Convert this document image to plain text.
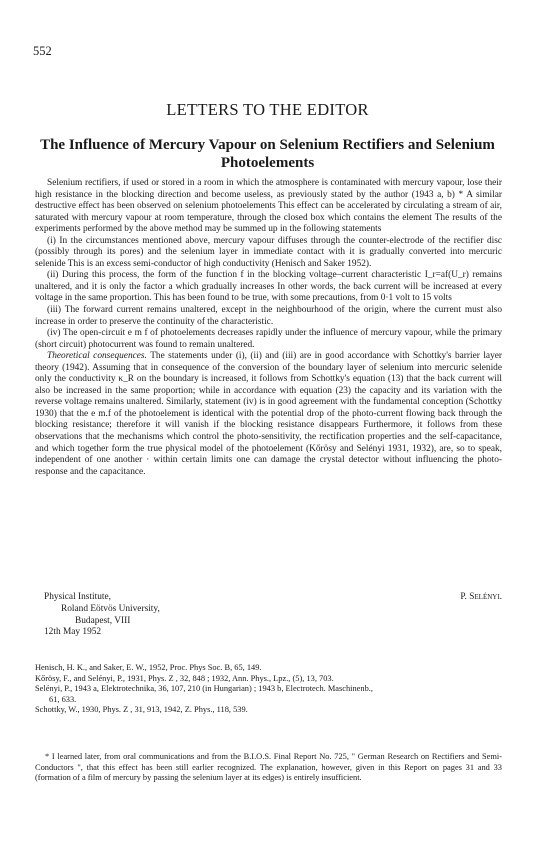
552
LETTERS TO THE EDITOR
The Influence of Mercury Vapour on Selenium Rectifiers and Selenium Photoelements

Selenium rectifiers, if used or stored in a room in which the atmosphere is contaminated with mercury vapour, lose their high resistance in the blocking direction and become useless, as previously stated by the author (1943 a, b) * A similar destructive effect has been observed on selenium photoelements This effect can be accelerated by circulating a stream of air, saturated with mercury vapour at room temperature, through the closed box which contains the element The results of the experiments performed by the above method may be summed up in the following statements

(i) In the circumstances mentioned above, mercury vapour diffuses through the counter-electrode of the rectifier disc (possibly through its pores) and the selenium layer in immediate contact with it is gradually converted into mercuric selenide This is an excess semi-conductor of high conductivity (Henisch and Saker 1952).

(ii) During this process, the form of the function f in the blocking voltage–current characteristic I_r=af(U_r) remains unaltered, and it is only the factor a which gradually increases In other words, the back current will be increased at every voltage in the same proportion. This has been found to be true, with some precautions, from 0·1 volt to 15 volts

(iii) The forward current remains unaltered, except in the neighbourhood of the origin, where the current must also increase in order to preserve the continuity of the characteristic.

(iv) The open-circuit e m f of photoelements decreases rapidly under the influence of mercury vapour, while the primary (short circuit) photocurrent was found to remain unaltered.

Theoretical consequences. The statements under (i), (ii) and (iii) are in good accordance with Schottky's barrier layer theory (1942). Assuming that in consequence of the conversion of the boundary layer of selenium into mercuric selenide only the conductivity κ_R on the boundary is increased, it follows from Schottky's equation (13) that the back current will also be increased in the same proportion; while in accordance with equation (23) the capacity and its variation with the reverse voltage remains unaltered. Similarly, statement (iv) is in good agreement with the fundamental conception (Schottky 1930) that the e m.f of the photoelement is identical with the potential drop of the photo-current flowing back through the blocking resistance; therefore it will vanish if the blocking resistance disappears Furthermore, it follows from these observations that the mechanisms which control the photo-sensitivity, the rectification properties and the self-capacitance, and which together form the true physical model of the photoelement (Kőrösy and Selényi 1931, 1932), are, so to speak, independent of one another · within certain limits one can damage the crystal detector without influencing the photo-response and the capacitance.

Physical Institute,	P. Selényi.
Roland Eötvös University,
Budapest, VIII
12th May 1952
Henisch, H. K., and Saker, E. W., 1952, Proc. Phys Soc. B, 65, 149.
Kőrösy, F., and Selényi, P., 1931, Phys. Z , 32, 848 ; 1932, Ann. Phys., Lpz., (5), 13, 703.
Selényi, P., 1943 a, Elektrotechnika, 36, 107, 210 (in Hungarian) ; 1943 b, Electrotech. Maschinenb.,
61, 633.
Schottky, W., 1930, Phys. Z , 31, 913, 1942, Z. Phys., 118, 539.
* I learned later, from oral communications and from the B.I.O.S. Final Report No. 725, " German Research on Rectifiers and Semi-Conductors ", that this effect has been still earlier recognized. The explanation, however, given in this Report on pages 31 and 33 (formation of a film of mercury by passing the selenium layer at its edges) is entirely insufficient.
